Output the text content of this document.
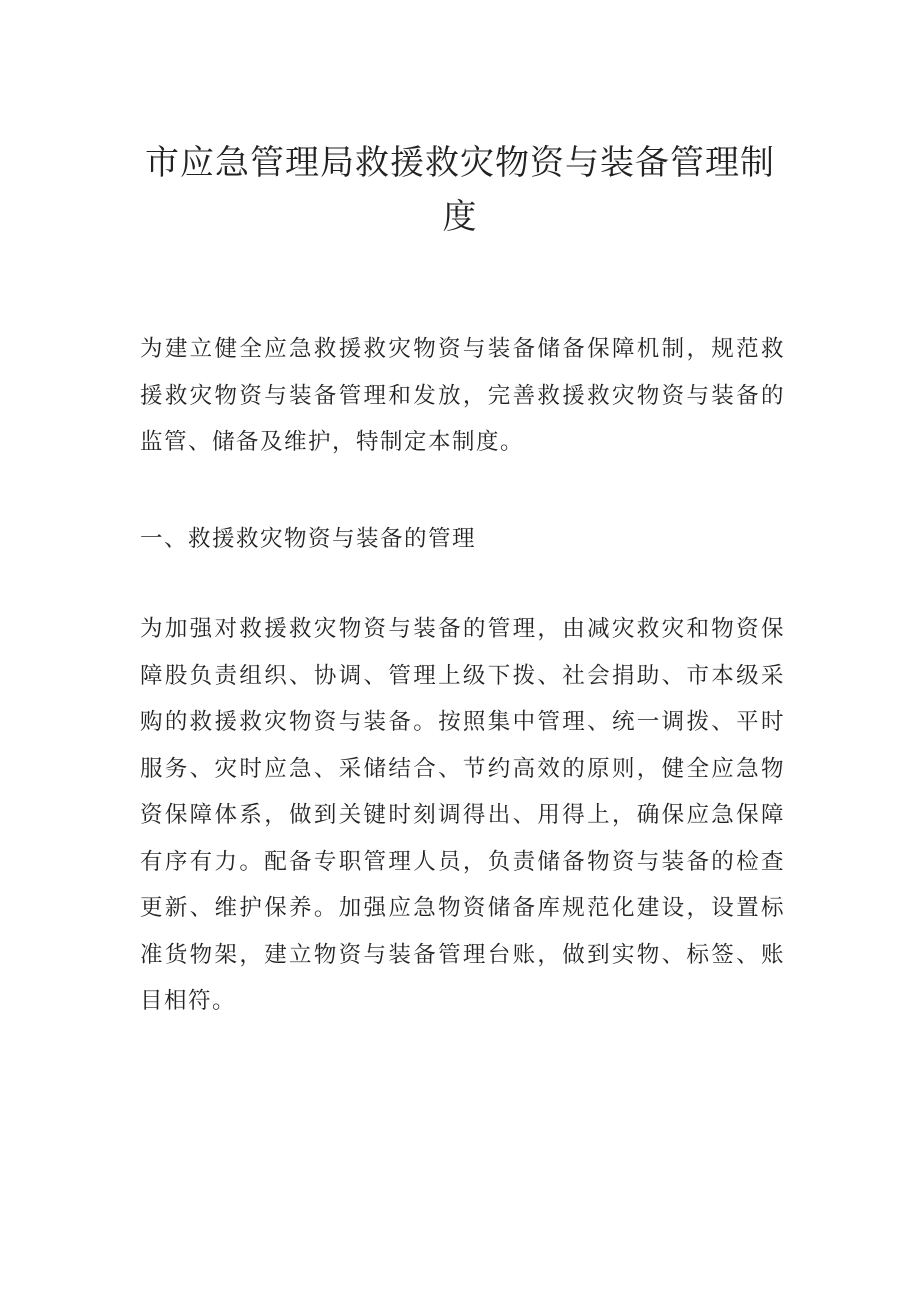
市应急管理局救援救灾物资与装备管理制度

为建立健全应急救援救灾物资与装备储备保障机制，规范救援救灾物资与装备管理和发放，完善救援救灾物资与装备的监管、储备及维护，特制定本制度。

一、救援救灾物资与装备的管理

为加强对救援救灾物资与装备的管理，由减灾救灾和物资保障股负责组织、协调、管理上级下拨、社会捐助、市本级采购的救援救灾物资与装备。按照集中管理、统一调拨、平时服务、灾时应急、采储结合、节约高效的原则，健全应急物资保障体系，做到关键时刻调得出、用得上，确保应急保障有序有力。配备专职管理人员，负责储备物资与装备的检查更新、维护保养。加强应急物资储备库规范化建设，设置标准货物架，建立物资与装备管理台账，做到实物、标签、账目相符。
